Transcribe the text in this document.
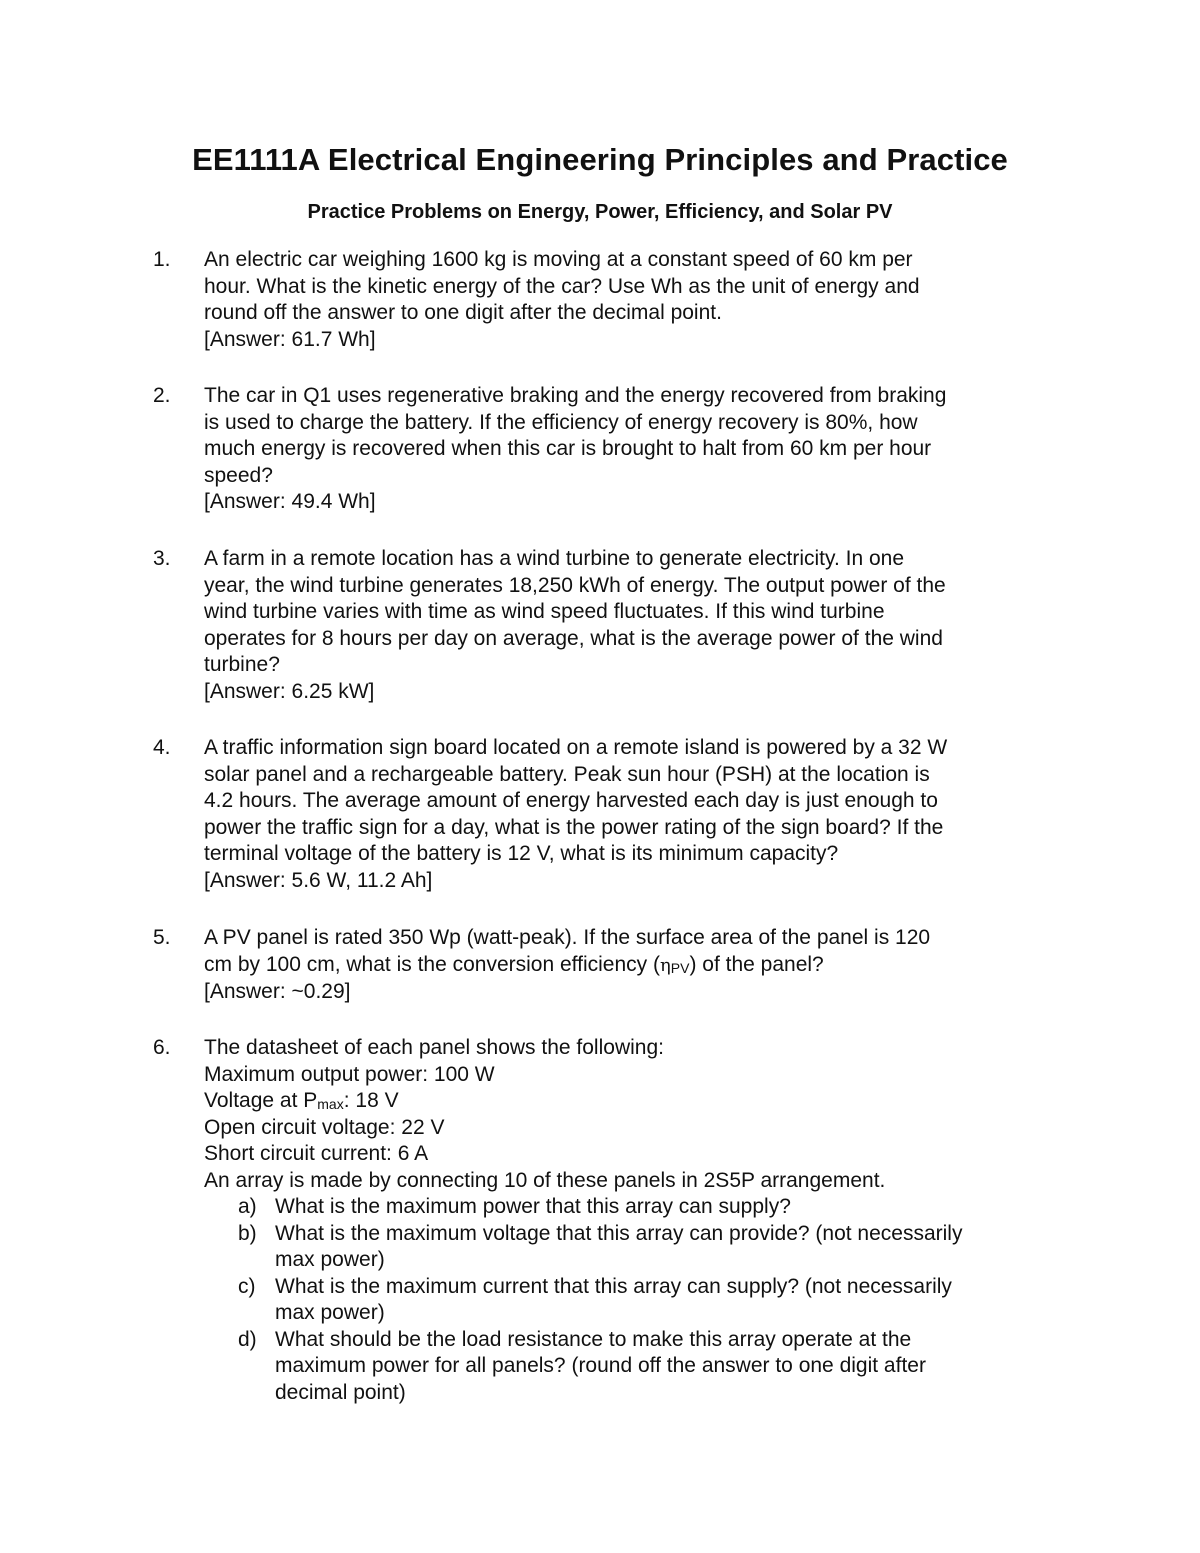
EE1111A Electrical Engineering Principles and Practice
Practice Problems on Energy, Power, Efficiency, and Solar PV
1. An electric car weighing 1600 kg is moving at a constant speed of 60 km per
hour. What is the kinetic energy of the car? Use Wh as the unit of energy and
round off the answer to one digit after the decimal point.
[Answer: 61.7 Wh]
2. The car in Q1 uses regenerative braking and the energy recovered from braking
is used to charge the battery. If the efficiency of energy recovery is 80%, how
much energy is recovered when this car is brought to halt from 60 km per hour
speed?
[Answer: 49.4 Wh]
3. A farm in a remote location has a wind turbine to generate electricity. In one
year, the wind turbine generates 18,250 kWh of energy. The output power of the
wind turbine varies with time as wind speed fluctuates. If this wind turbine
operates for 8 hours per day on average, what is the average power of the wind
turbine?
[Answer: 6.25 kW]
4. A traffic information sign board located on a remote island is powered by a 32 W
solar panel and a rechargeable battery. Peak sun hour (PSH) at the location is
4.2 hours. The average amount of energy harvested each day is just enough to
power the traffic sign for a day, what is the power rating of the sign board? If the
terminal voltage of the battery is 12 V, what is its minimum capacity?
[Answer: 5.6 W, 11.2 Ah]
5. A PV panel is rated 350 Wp (watt-peak). If the surface area of the panel is 120
cm by 100 cm, what is the conversion efficiency (ηPV) of the panel?
[Answer: ~0.29]
6. The datasheet of each panel shows the following:
Maximum output power: 100 W
Voltage at Pmax: 18 V
Open circuit voltage: 22 V
Short circuit current: 6 A
An array is made by connecting 10 of these panels in 2S5P arrangement.
a) What is the maximum power that this array can supply?
b) What is the maximum voltage that this array can provide? (not necessarily
max power)
c) What is the maximum current that this array can supply? (not necessarily
max power)
d) What should be the load resistance to make this array operate at the
maximum power for all panels? (round off the answer to one digit after
decimal point)
